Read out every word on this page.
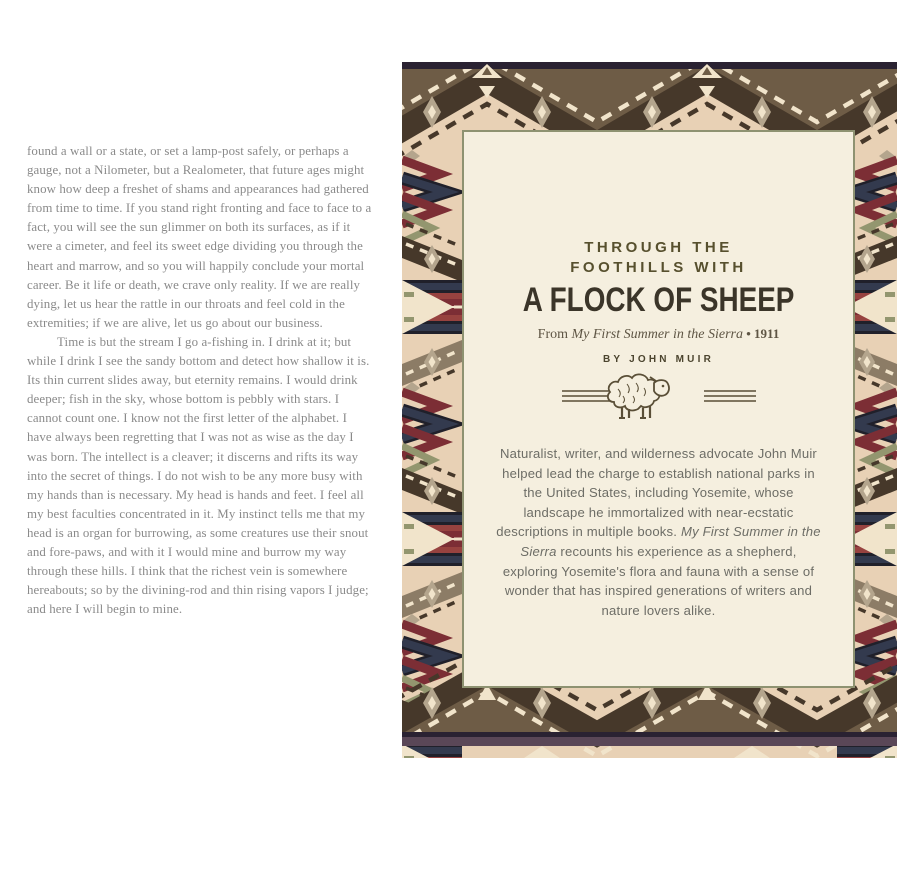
found a wall or a state, or set a lamp-post safely, or perhaps a gauge, not a Nilometer, but a Realometer, that future ages might know how deep a freshet of shams and appearances had gathered from time to time. If you stand right fronting and face to face to a fact, you will see the sun glimmer on both its surfaces, as if it were a cimeter, and feel its sweet edge dividing you through the heart and marrow, and so you will happily conclude your mortal career. Be it life or death, we crave only reality. If we are really dying, let us hear the rattle in our throats and feel cold in the extremities; if we are alive, let us go about our business.

Time is but the stream I go a-fishing in. I drink at it; but while I drink I see the sandy bottom and detect how shallow it is. Its thin current slides away, but eternity remains. I would drink deeper; fish in the sky, whose bottom is pebbly with stars. I cannot count one. I know not the first letter of the alphabet. I have always been regretting that I was not as wise as the day I was born. The intellect is a cleaver; it discerns and rifts its way into the secret of things. I do not wish to be any more busy with my hands than is necessary. My head is hands and feet. I feel all my best faculties concentrated in it. My instinct tells me that my head is an organ for burrowing, as some creatures use their snout and fore-paws, and with it I would mine and burrow my way through these hills. I think that the richest vein is somewhere hereabouts; so by the divining-rod and thin rising vapors I judge; and here I will begin to mine.

THROUGH THE
FOOTHILLS WITH
A FLOCK OF SHEEP
From My First Summer in the Sierra • 1911
BY JOHN MUIR

Naturalist, writer, and wilderness advocate John Muir helped lead the charge to establish national parks in the United States, including Yosemite, whose landscape he immortalized with near-ecstatic descriptions in multiple books. My First Summer in the Sierra recounts his experience as a shepherd, exploring Yosemite's flora and fauna with a sense of wonder that has inspired generations of writers and nature lovers alike.
